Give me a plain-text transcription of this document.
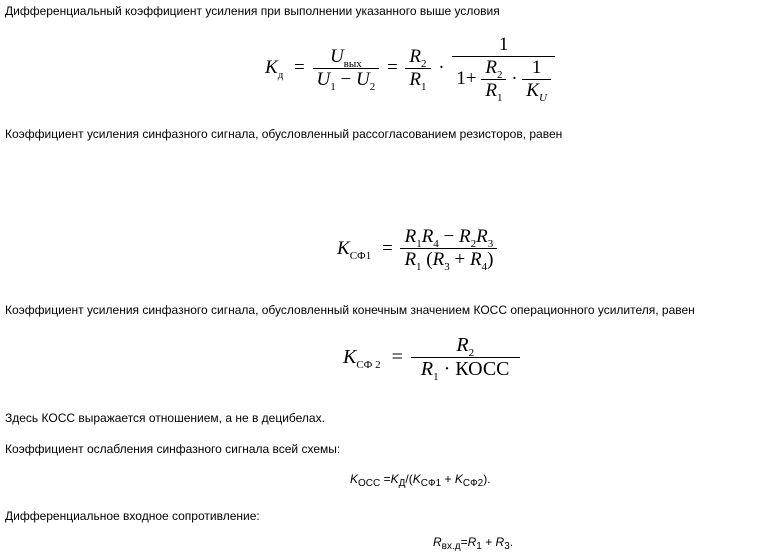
Дифференциальный коэффициент усиления при выполнении указанного выше условия
Коэффициент усиления синфазного сигнала, обусловленный рассогласованием резисторов, равен
Коэффициент усиления синфазного сигнала, обусловленный конечным значением КОСС операционного усилителя, равен
Здесь КОСС выражается отношением, а не в децибелах.
Коэффициент ослабления синфазного сигнала всей схемы:
Дифференциальное входное сопротивление:
$K_д = \frac{U_{вых}}{U_1 - U_2} = \frac{R_2}{R_1}$ ·
1
$1+ \frac{R_2}{R_1} \cdot \frac{1}{K_U}$
$K_{СФ1} = \frac{R_1R_4 - R_2R_3}{R_1 (R_3 + R_4)}$
$K_{СФ 2} = \frac{R_2}{R_1 \cdot КОСС}$
$K_{ОСС} =K_Д/(K_{СФ1} + K_{СФ2})$.
$R_{вх.д}=R_1 + R_3$.
